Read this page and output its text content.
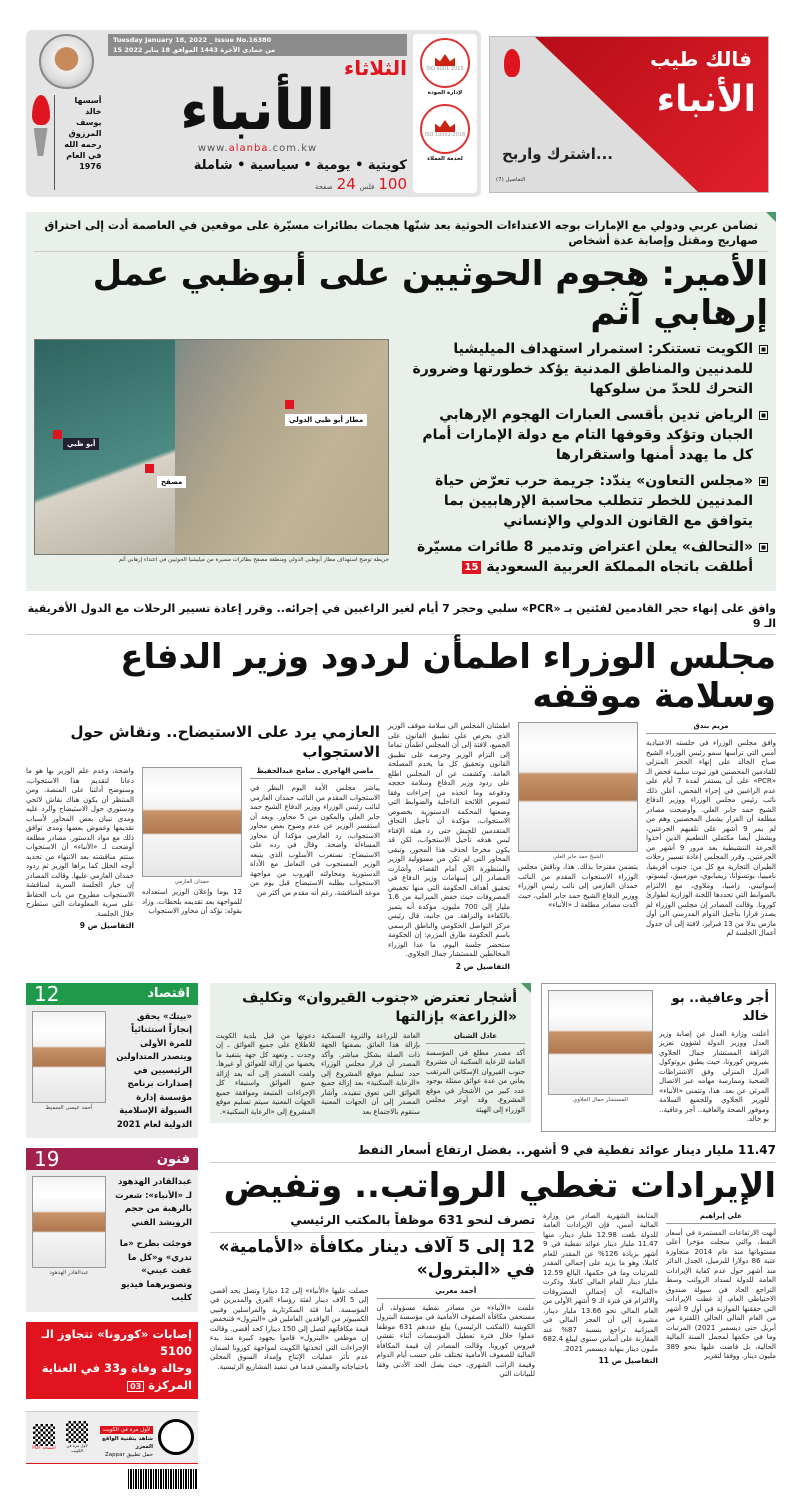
أسسها خالد يوسف المرزوق رحمه الله في العام 1976
Tuesday January 18, 2022 _ Issue No.16380
15 من جمادى الآخرة 1443 الموافق 18 يناير 2022
الثلاثاء
الأنباء
www.alanba.com.kw
كويتية • يومية • سياسية • شاملة
100
فلس
24
صفحة
ISO 9001:2015
لإدارة الجودة
ISO 10002:2018
لخدمة العملاء
فالك طيب
الأنباء
اشترك واربح...
التفاصيل (7)
تضامن عربي ودولي مع الإمارات بوجه الاعتداءات الحوثية بعد شنّها هجمات بطائرات مسيّرة على موقعين في العاصمة أدت إلى احتراق صهاريج ومقتل وإصابة عدة أشخاص
الأمير: هجوم الحوثيين على أبوظبي عمل إرهابي آثم
الكويت تستنكر: استمرار استهداف الميليشيا للمدنيين والمناطق المدنية يؤكد خطورتها وضرورة التحرك للحدّ من سلوكها
الرياض تدين بأقسى العبارات الهجوم الإرهابي الجبان وتؤكد وقوفها التام مع دولة الإمارات أمام كل ما يهدد أمنها واستقرارها
«مجلس التعاون» يندّد: جريمة حرب تعرّض حياة المدنيين للخطر تتطلب محاسبة الإرهابيين بما يتوافق مع القانون الدولي والإنساني
«التحالف» يعلن اعتراض وتدمير 8 طائرات مسيّرة أطلقت باتجاه المملكة العربية السعودية 15
مطار أبو ظبي الدولي
أبو ظبي
مصفح
خريطة توضح استهداف مطار أبوظبي الدولي ومنطقة مصفح بطائرات مسيرة من ميليشيا الحوثيين في اعتداء إرهابي آثم
وافق على إنهاء حجر القادمين لفئتين بـ «PCR» سلبي وحجر 7 أيام لغير الراغبين في إجرائه.. وقرر إعادة تسيير الرحلات مع الدول الأفريقية الـ 9
مجلس الوزراء اطمأن لردود وزير الدفاع وسلامة موقفه
مريم بندق
وافق مجلس الوزراء في جلسته الاعتيادية أمس التي ترأسها سمو رئيس الوزراء الشيخ صباح الخالد على إنهاء الحجر المنزلي للقادمين المحصنين فور ثبوت سلبية فحص الـ «PCR» على أن يستمر لمدة 7 أيام على عدم الراغبين في إجراء الفحص، أعلن ذلك نائب رئيس مجلس الوزراء ووزير الدفاع الشيخ حمد جابر العلي. وأوضحت مصادر مطلعة أن القرار يشمل المحصنين وهم من لم يمر 9 أشهر على تلقيهم الجرعتين، ويشمل أيضا مكتملي التطعيم الذين أخذوا الجرعة التنشيطية بعد مرور 9 أشهر من الجرعتين. وقرر المجلس إعادة تسيير رحلات الطيران التجارية مع كل من: جنوب أفريقيا، ناميبيا، بوتسوانا، زيمبابوي، موزمبيق، ليسوتو، إسواتيني، زامبيا، وملاوي، مع الالتزام بالضوابط التي تحددها اللجنة الوزارية لطوارئ كورونا. وقالت المصادر إن مجلس الوزراء لم يصدر قرارا بتأجيل الدوام المدرسي الى أول مارس بدلا من 13 فبراير، لافتة إلى أن جدول أعمال الجلسة لم
الشيخ حمد جابر العلي
يتضمن مقترحا بذلك. هذا، وناقش مجلس الوزراء الاستجواب المقدم من النائب حمدان العازمي إلى نائب رئيس الوزراء ووزير الدفاع الشيخ حمد جابر العلي، حيث أكدت مصادر مطلعة لـ «الأنباء»
اطمئنان المجلس الى سلامة موقف الوزير الذي يحرص على تطبيق القانون على الجميع، لافتة إلى أن المجلس اطمأن تماما إلى التزام الوزير وحرصه على تطبيق القانون وتحقيق كل ما يخدم المصلحة العامة. وكشفت عن أن المجلس اطلع على ردود وزير الدفاع وسلامة حججه ودفوعه وما اتخذه من إجراءات وفقا لنصوص اللائحة الداخلية والضوابط التي وضعتها المحكمة الدستورية بخصوص الاستجواب، مؤكدة أن تأجيل التحاق المتقدمين للجيش حتى رد هيئة الإفتاء ليس هدفه تأجيل الاستجواب، لكن قد يكون مخرجا لحذف هذا المحور، وتبقى المحاور التي لم تكن من مسؤولية الوزير والمنظورة الآن أمام القضاء. وأشارت المصادر إلى إسهامات وزير الدفاع في تحقيق أهداف الحكومة التي منها تخفيض المصروفات حيث خفض الميزانية من 1.6 مليار إلى 700 مليون، مؤكدة أنه يتميز بالكفاءة والنزاهة. من جانبه، قال رئيس مركز التواصل الحكومي والناطق الرسمي باسم الحكومة طارق المزرم: إن الحكومة ستحضر جلسة اليوم، ما عدا الوزراء المخالطين للمستشار جمال الجلاوي.
التفاصيل ص 2
العازمي يرد على الاستيضاح.. ونقاش حول الاستجواب
ماضي الهاجري ـ سامح عبدالحفيظ
يباشر مجلس الأمة اليوم النظر في الاستجواب المقدم من النائب حمدان العازمي لنائب رئيس الوزراء ووزير الدفاع الشيخ حمد جابر العلي والمكون من 5 محاور. وبعد أن استفسر الوزير عن عدم وضوح بعض محاور الاستجواب، رد العازمي مؤكدا أن محاور المساءلة واضحة. وقال في رده على الاستيضاح: نستغرب الأسلوب الذي يتبعه الوزير المستجوب في التعامل مع الأداة الدستورية ومحاولته الهروب من مواجهة الاستجواب بطلبه الاستيضاح قبل يوم من موعد المناقشة، رغم أنه مقدم من أكثر من
حمدان العازمي
12 يوما وإعلان الوزير استعداده للمواجهة بعد تقديمه بلحظات. وزاد بقوله: نؤكد أن محاور الاستجواب
واضحة، وعدم علم الوزير بها هو ما دعانا لتقديم هذا الاستجواب، وسنوضح أدلتنا على المنصة. ومن المنتظر أن يكون هناك نقاش لائحي ودستوري حول الاستيضاح والرد عليه ومدى تبيان بعض المحاور لأسباب تقديمها وغموض بعضها ومدى توافق ذلك مع مواد الدستور. مصادر مطلعة أوضحت لـ «الأنباء» أن الاستجواب ستتم مناقشته بعد الانتهاء من تحديد أوجه الخلل كما يراها الوزير ثم ردود حمدان العازمي عليها. وقالت المصادر إن خيار الجلسة السرية لمناقشة الاستجواب مطروح من باب الحفاظ على سرية المعلومات التي ستطرح خلال الجلسة.
التفاصيل ص 9
أجر وعافية.. بو خالد
أعلنت وزارة العدل عن إصابة وزير العدل ووزير الدولة لشؤون تعزيز النزاهة المستشار جمال الجلاوي بفيروس كورونا، حيث يطبق بروتوكول العزل المنزلي وفق الاشتراطات الصحية وممارسة مهامه عبر الاتصال المرئي عن بعد. هذا، وتتمنى «الأنباء» للوزير الجلاوي وللجميع السلامة وموفور الصحة والعافية.. أجر وعافية.. بو خالد.
المستشار جمال الجلاوي
أشجار تعترض «جنوب القيروان» وتكليف «الزراعة» بإزالتها
عادل الشنان
أكد مصدر مطلع في المؤسسة العامة للرعاية السكنية أن مشروع جنوب القيروان الإسكاني المرتقب يعاني من عدة عوائق ممثلة بوجود عدد كبير من الأشجار في موقع المشروع، وقد أوعز مجلس الوزراء إلى الهيئة
العامة للزراعة والثروة السمكية بإزالة هذا العائق بصفتها الجهة ذات الصلة بشكل مباشر. وأكد المصدر أن قرار مجلس الوزراء حدد تسليم موقع المشروع إلى «الرعاية السكنية» بعد إزالة جميع العوائق التي تعوق تنفيذه. وأشار المصدر إلى أن الجهات المعنية ستقوم بالاجتماع بعد
دعوتها من قبل بلدية الكويت للاطلاع على جميع العوائق ـ إن وجدت ـ وتعهد كل جهة بتنفيذ ما يخصها من إزالة للعوائق أو غيرها. ولفت المصدر إلى أنه بعد إزالة جميع العوائق واستيفاء كل الإجراءات المتبعة وموافقة جميع الجهات المعنية سيتم تسليم موقع المشروع إلى «الرعاية السكنية».
11.47 مليار دينار عوائد نفطية في 9 أشهر.. بفضل ارتفاع أسعار النفط
الإيرادات تغطي الرواتب.. وتفيض
علي إبراهيم
أنهت الارتفاعات المستمرة في أسعار النفط، والتي سجلت مؤخرا أعلى مستوياتها منذ عام 2014 متجاوزة عتبة 86 دولارا للبرميل، الجدل الدائر منذ أشهر حول عدم كفاية الإيرادات العامة للدولة لسداد الرواتب وسط التراجع الحاد في سيولة صندوق الاحتياطي العام، إذ غطت الإيرادات التي حققتها الموازنة في أول 9 أشهر من العام المالي الحالي (للفترة من أبريل حتى ديسمبر 2021) المرتبات وما في حكمها لمجمل السنة المالية الحالية، بل فاضت عليها بنحو 389 مليون دينار. ووفقا لتقرير
المتابعة الشهرية الصادر من وزارة المالية أمس، فإن الإيرادات العامة للدولة بلغت 12.98 مليار دينار، منها 11.47 مليار دينار عوائد نفطية في 9 أشهر بزيادة 126% عن المقدر للعام كاملا، وهو ما يزيد على إجمالي المقدر للمرتبات وما في حكمها، البالغ 12.59 مليار دينار للعام المالي كاملا. وذكرت «المالية» أن إجمالي المصروفات والالتزام في فترة الـ 9 أشهر الأولى من العام المالي نحو 13.66 مليار دينار، مشيرة إلى أن العجز المالي في الميزانية تراجع بنسبة 87% عند المقارنة على أساس سنوي ليبلغ 682.4 مليون دينار بنهاية ديسمبر 2021.
التفاصيل ص 11
تصرف لنحو 631 موظفاً بالمكتب الرئيسي
12 إلى 5 آلاف دينار مكافأة «الأمامية» في «البترول»
أحمد مغربي
علمت «الأنباء» من مصادر نفطية مسؤولة، أن مستحقي مكافأة الصفوف الأمامية في مؤسسة البترول الكويتية (المكتب الرئيسي) يبلغ عددهم 631 موظفا عملوا خلال فترة تعطيل المؤسسات أثناء تفشي فيروس كورونا. وقالت المصادر إن قيمة المكافأة المالية للصفوف الأمامية تختلف على حسب أيام الدوام وقيمة الراتب الشهري، حيث يصل الحد الأدنى وفقا للبيانات التي
حصلت عليها «الأنباء» إلى 12 دينارا وتصل بحد أقصى إلى 5 آلاف دينار لفئة رؤساء الفرق والمديرين في المؤسسة. أما فئة السكرتارية والمراسلين وفنيي الكمبيوتر من الوافدين العاملين في «البترول» فتنخفض قيمة مكافآتهم لتصل إلى 150 دينارا كحد أقصى. وقالت إن موظفي «البترول» قاموا بجهود كبيرة منذ بدء الإجراءات التي اتخذتها الكويت لمواجهة كورونا لضمان عدم تأثر عمليات الإنتاج وإمداد السوق المحلي باحتياجاته والمضي قدما في تنفيذ المشاريع الرئيسية.
اقتصاد
12
«بيتك» يحقق إنجازاً استثنائياً للمرة الأولى ويتصدر المتداولين الرئيسيين في إصدارات برنامج مؤسسة إدارة السيولة الإسلامية الدولية لعام 2021
أحمد عيسى السميط
فنون
19
عبدالقادر الهدهود لـ «الأنباء»: شعرت بالرهبة من حجم الرويشد الفني
فوجئت بطرح «ما تدري» و«كل ما غفت عيني» وتصويرهما فيديو كليب
عبدالقادر الهدهود
إصابات «كورونا» تتجاوز الـ 5100
وحالة وفاة و33 في العناية المركزة 03
لأول مرة في الكويت
شاهد بتقنية الواقع المعزز
حمل تطبيق Zappar
لأول مرة في الكويت
النسخة PDF
